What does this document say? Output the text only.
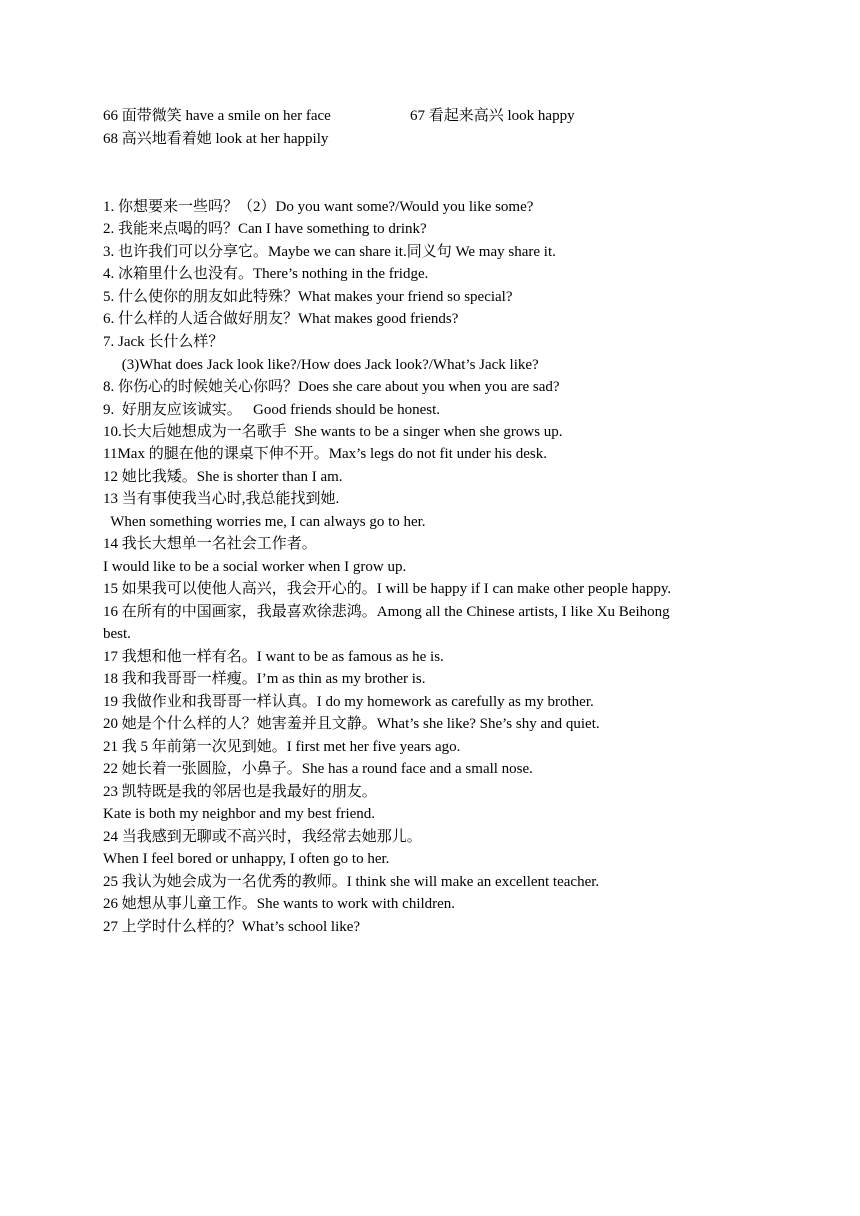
66 面带微笑 have a smile on her face	67 看起来高兴 look happy
68 高兴地看着她 look at her happily
1. 你想要来一些吗？（2）Do you want some?/Would you like some?
2. 我能来点喝的吗？Can I have something to drink?
3. 也许我们可以分享它。Maybe we can share it.同义句 We may share it.
4. 冰箱里什么也没有。There’s nothing in the fridge.
5. 什么使你的朋友如此特殊？What makes your friend so special?
6. 什么样的人适合做好朋友？What makes good friends?
7. Jack 长什么样？
(3)What does Jack look like?/How does Jack look?/What’s Jack like?
8. 你伤心的时候她关心你吗？Does she care about you when you are sad?
9.  好朋友应该诚实。   Good friends should be honest.
10.长大后她想成为一名歌手  She wants to be a singer when she grows up.
11Max 的腿在他的课桌下伸不开。Max’s legs do not fit under his desk.
12 她比我矮。She is shorter than I am.
13 当有事使我当心时,我总能找到她.
When something worries me, I can always go to her.
14 我长大想单一名社会工作者。
I would like to be a social worker when I grow up.
15 如果我可以使他人高兴，我会开心的。I will be happy if I can make other people happy.
16 在所有的中国画家，我最喜欢徐悲鸿。Among all the Chinese artists, I like Xu Beihong
best.
17 我想和他一样有名。I want to be as famous as he is.
18 我和我哥哥一样瘦。I’m as thin as my brother is.
19 我做作业和我哥哥一样认真。I do my homework as carefully as my brother.
20 她是个什么样的人？她害羞并且文静。What’s she like? She’s shy and quiet.
21 我 5 年前第一次见到她。I first met her five years ago.
22 她长着一张圆脸，小鼻子。She has a round face and a small nose.
23 凯特既是我的邻居也是我最好的朋友。
Kate is both my neighbor and my best friend.
24 当我感到无聊或不高兴时，我经常去她那儿。
When I feel bored or unhappy, I often go to her.
25 我认为她会成为一名优秀的教师。I think she will make an excellent teacher.
26 她想从事儿童工作。She wants to work with children.
27 上学时什么样的？What’s school like?
